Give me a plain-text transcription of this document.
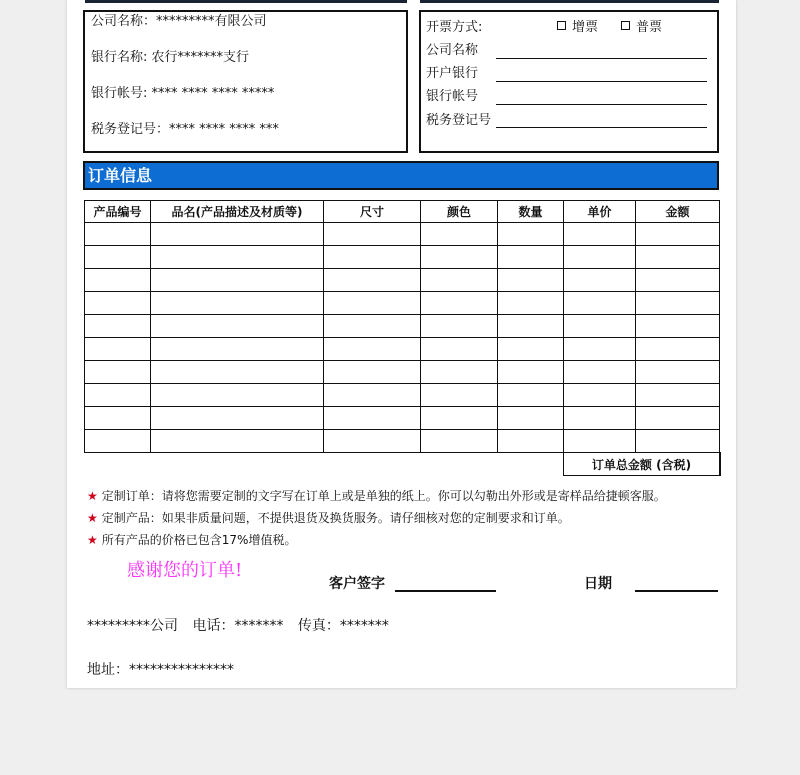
公司名称：*********有限公司
银行名称: 农行*******支行
银行帐号: **** **** **** *****
税务登记号：**** **** **** ***
开票方式:	增票	普票
公司名称
开户银行
银行帐号
税务登记号
订单信息
产品编号	品名(产品描述及材质等)	尺寸	颜色	数量	单价	金额	

					订单总金额 (含税)		
★ 定制订单：请将您需要定制的文字写在订单上或是单独的纸上。你可以勾勒出外形或是寄样品给捷顿客服。
★ 定制产品：如果非质量问题，不提供退货及换货服务。请仔细核对您的定制要求和订单。
★ 所有产品的价格已包含17%增值税。
感谢您的订单!
客户签字	日期
*********公司 电话：******* 传真：*******
地址：***************
